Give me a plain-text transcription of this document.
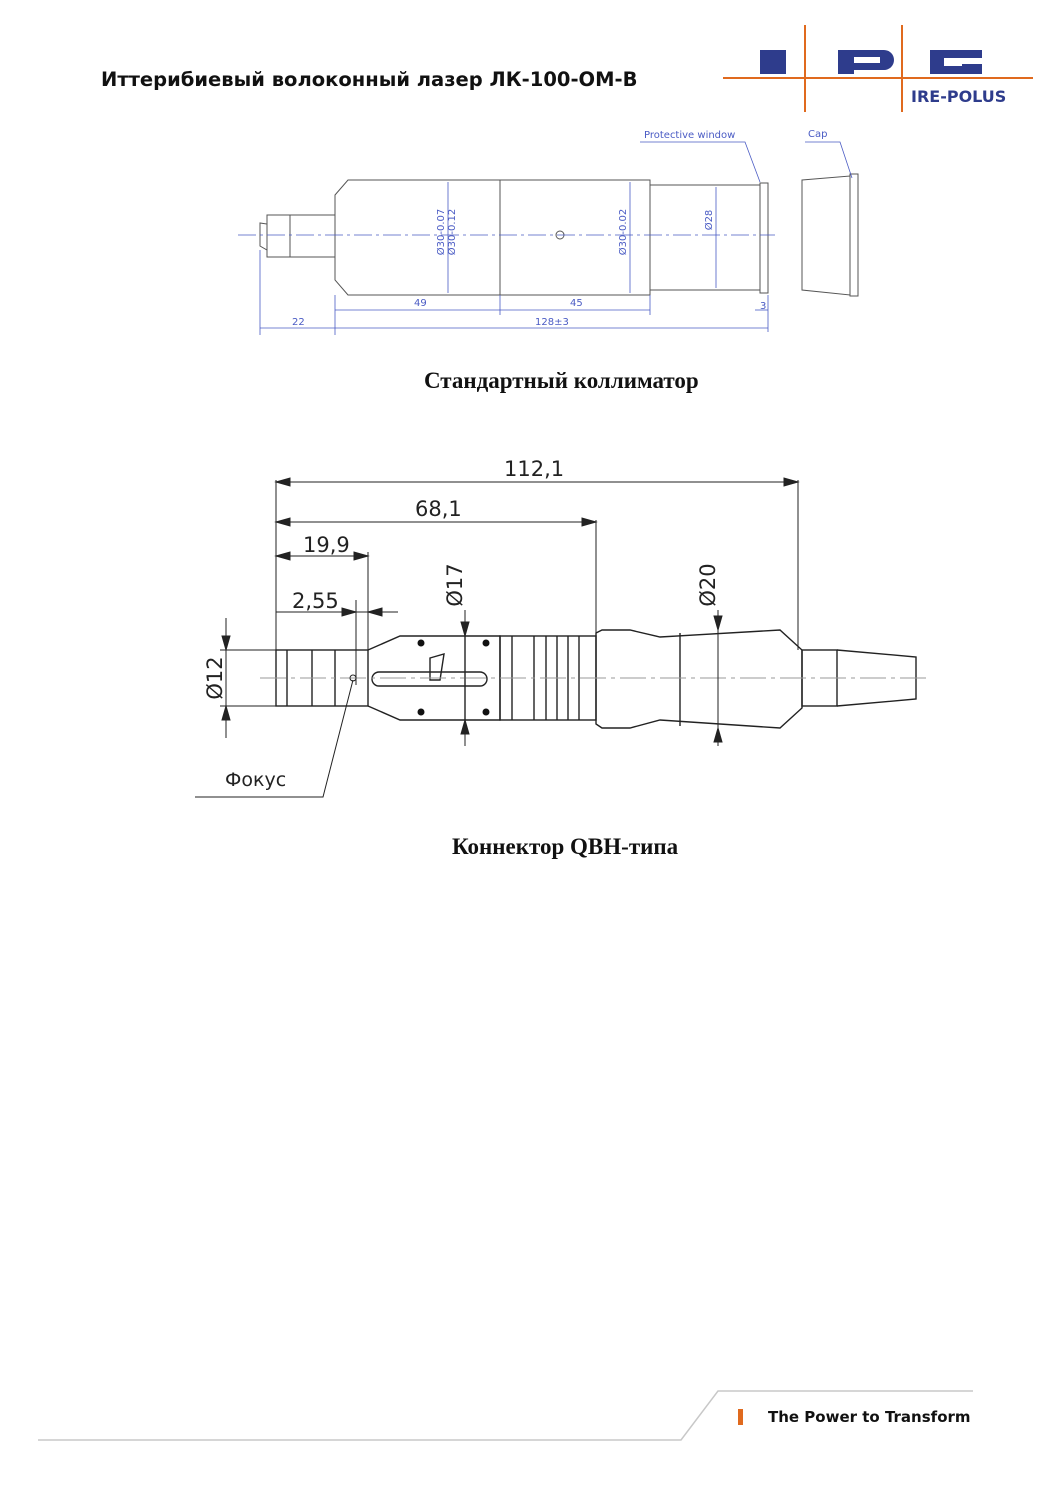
Иттерибиевый волоконный лазер ЛК-100-ОМ-В
IRE-POLUS
Protective window	Cap
Ø30-0.07 Ø30-0.12	Ø30-0.02	Ø28
49	45	3
22	128±3
Стандартный коллиматор
112,1
68,1
19,9
2,55	Ø17	Ø20
Ø12
Фокус
Коннектор QBH-типа
The Power to Transform
